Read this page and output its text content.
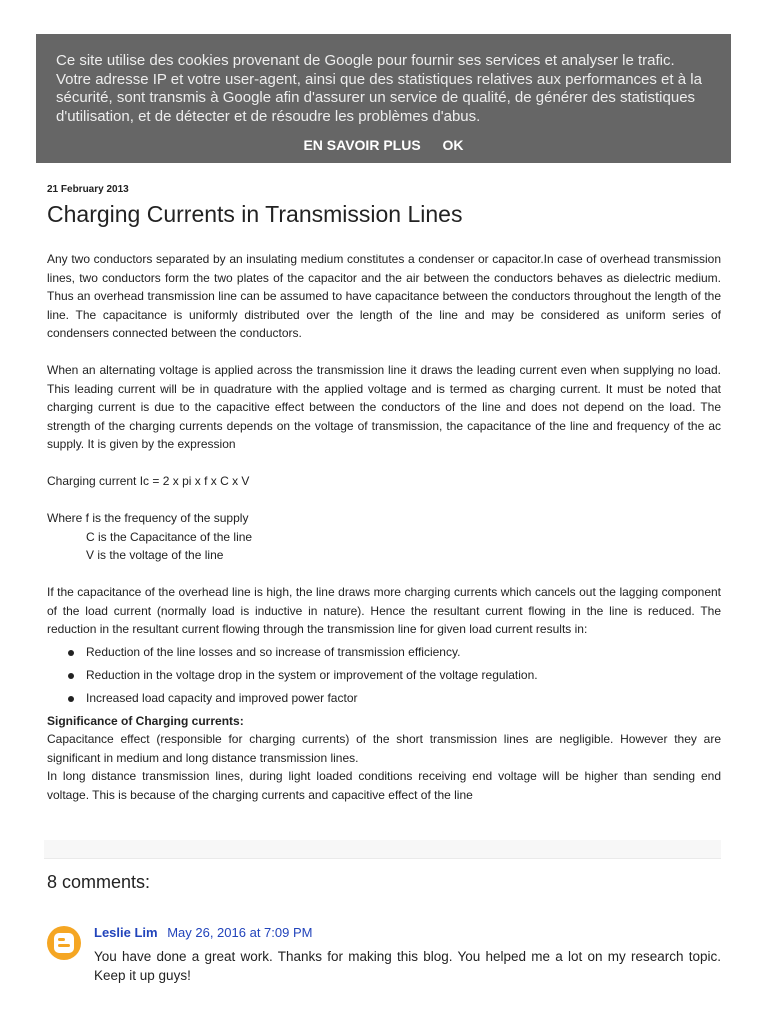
Ce site utilise des cookies provenant de Google pour fournir ses services et analyser le trafic. Votre adresse IP et votre user-agent, ainsi que des statistiques relatives aux performances et à la sécurité, sont transmis à Google afin d'assurer un service de qualité, de générer des statistiques d'utilisation, et de détecter et de résoudre les problèmes d'abus.

EN SAVOIR PLUS OK

21 February 2013

Charging Currents in Transmission Lines

Any two conductors separated by an insulating medium constitutes a condenser or capacitor.In case of overhead transmission lines, two conductors form the two plates of the capacitor and the air between the conductors behaves as dielectric medium. Thus an overhead transmission line can be assumed to have capacitance between the conductors throughout the length of the line. The capacitance is uniformly distributed over the length of the line and may be considered as uniform series of condensers connected between the conductors.

When an alternating voltage is applied across the transmission line it draws the leading current even when supplying no load. This leading current will be in quadrature with the applied voltage and is termed as charging current. It must be noted that charging current is due to the capacitive effect between the conductors of the line and does not depend on the load. The strength of the charging currents depends on the voltage of transmission, the capacitance of the line and frequency of the ac supply. It is given by the expression

Charging current Ic = 2 x pi x f x C x V

Where f is the frequency of the supply

C is the Capacitance of the line

V is the voltage of the line

If the capacitance of the overhead line is high, the line draws more charging currents which cancels out the lagging component of the load current (normally load is inductive in nature). Hence the resultant current flowing in the line is reduced. The reduction in the resultant current flowing through the transmission line for given load current results in:

Reduction of the line losses and so increase of transmission efficiency.
Reduction in the voltage drop in the system or improvement of the voltage regulation.
Increased load capacity and improved power factor

Significance of Charging currents:

Capacitance effect (responsible for charging currents) of the short transmission lines are negligible. However they are significant in medium and long distance transmission lines.

In long distance transmission lines, during light loaded conditions receiving end voltage will be higher than sending end voltage. This is because of the charging currents and capacitive effect of the line

8 comments:
Leslie Lim May 26, 2016 at 7:09 PM

You have done a great work. Thanks for making this blog. You helped me a lot on my research topic. Keep it up guys!
